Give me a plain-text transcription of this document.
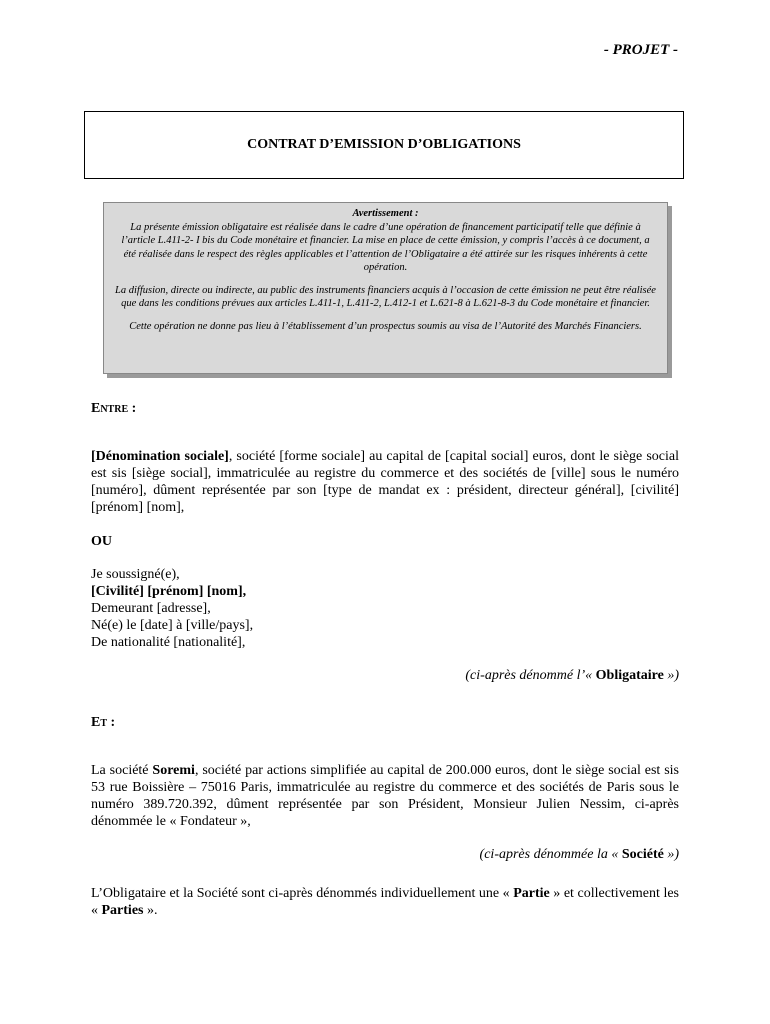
- PROJET -
CONTRAT D’EMISSION D’OBLIGATIONS

Avertissement :

La présente émission obligataire est réalisée dans le cadre d’une opération de financement participatif telle que définie à l’article L.411-2- I bis du Code monétaire et financier. La mise en place de cette émission, y compris l’accès à ce document, a été réalisée dans le respect des règles applicables et l’attention de l’Obligataire a été attirée sur les risques inhérents à cette opération.

La diffusion, directe ou indirecte, au public des instruments financiers acquis à l’occasion de cette émission ne peut être réalisée que dans les conditions prévues aux articles L.411-1, L.411-2, L.412-1 et L.621-8 à L.621-8-3 du Code monétaire et financier.

Cette opération ne donne pas lieu à l’établissement d’un prospectus soumis au visa de l’Autorité des Marchés Financiers.

Entre :
[Dénomination sociale], société [forme sociale] au capital de [capital social] euros, dont le siège social est sis [siège social], immatriculée au registre du commerce et des sociétés de [ville] sous le numéro [numéro], dûment représentée par son [type de mandat ex : président, directeur général], [civilité] [prénom] [nom],
OU
Je soussigné(e),
[Civilité] [prénom] [nom],
Demeurant [adresse],
Né(e) le [date] à [ville/pays],
De nationalité [nationalité],
(ci-après dénommé l’« Obligataire »)
Et :
La société Soremi, société par actions simplifiée au capital de 200.000 euros, dont le siège social est sis 53 rue Boissière – 75016 Paris, immatriculée au registre du commerce et des sociétés de Paris sous le numéro 389.720.392, dûment représentée par son Président, Monsieur Julien Nessim, ci-après dénommée le « Fondateur »,
(ci-après dénommée la « Société »)
L’Obligataire et la Société sont ci-après dénommés individuellement une « Partie » et collectivement les « Parties ».
